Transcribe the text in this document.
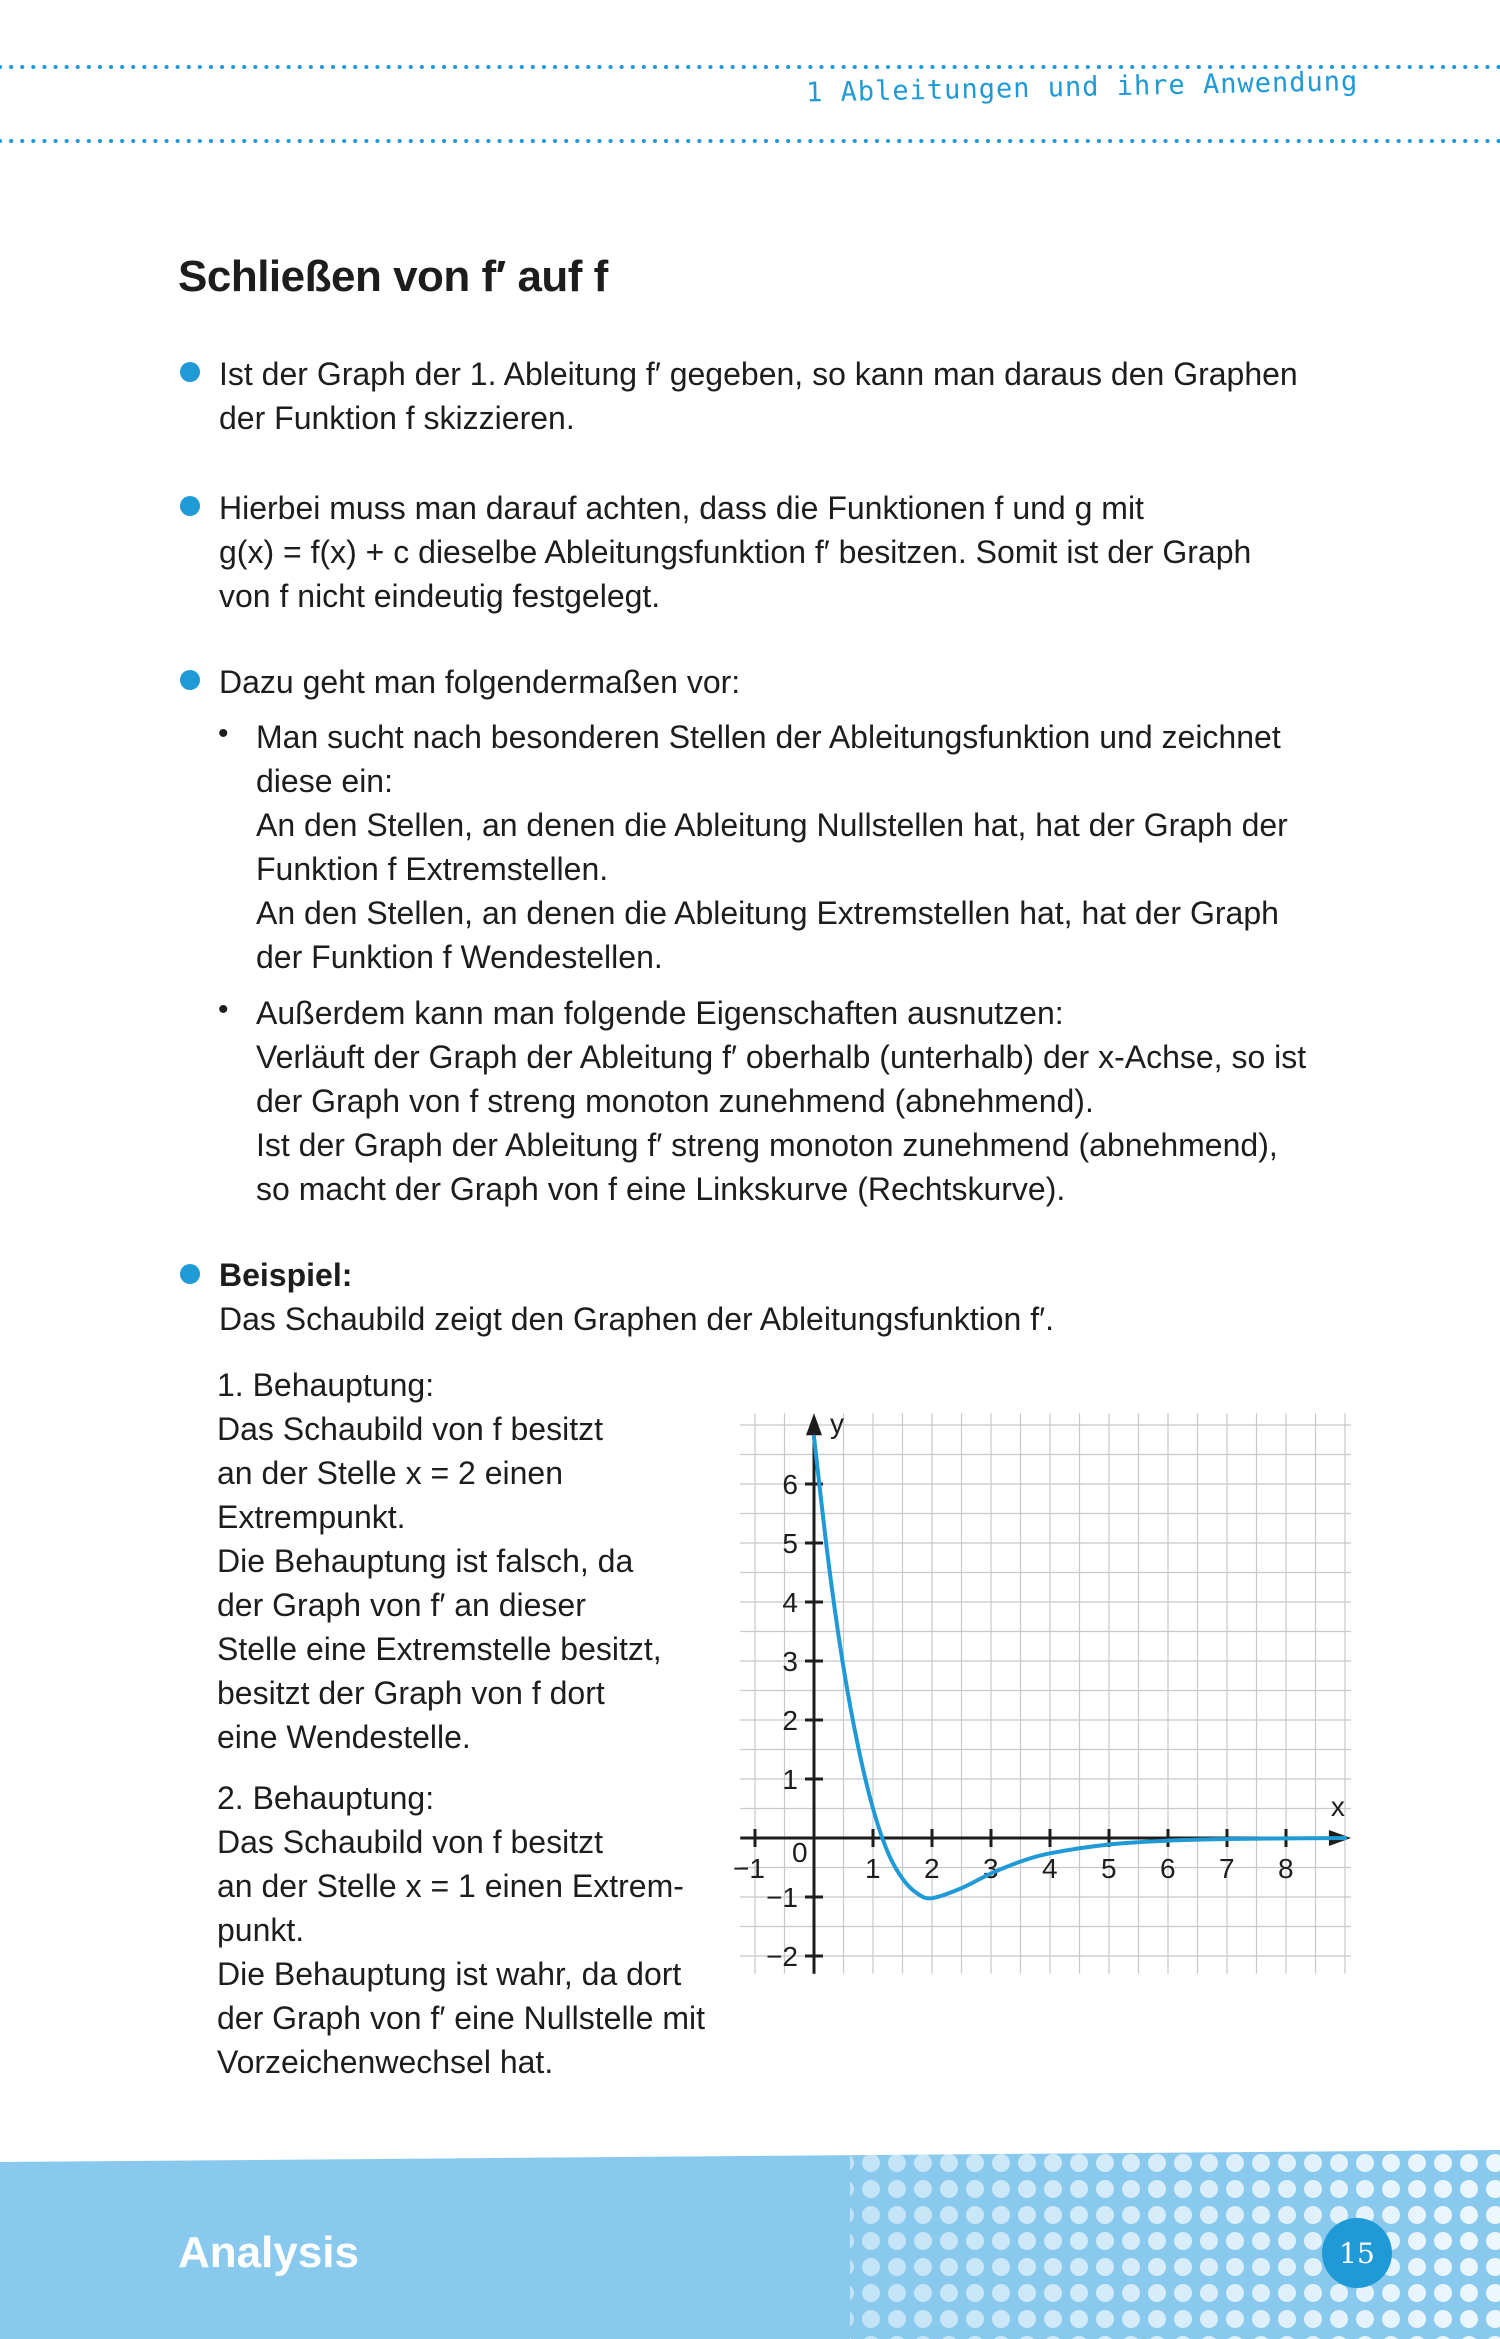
1 Ableitungen und ihre Anwendung
Schließen von f′ auf f

Ist der Graph der 1. Ableitung f′ gegeben, so kann man daraus den Graphen

der Funktion f skizzieren.

Hierbei muss man darauf achten, dass die Funktionen f und g mit

g(x) = f(x) + c dieselbe Ableitungsfunktion f′ besitzen. Somit ist der Graph

von f nicht eindeutig festgelegt.

Dazu geht man folgendermaßen vor:

• Man sucht nach besonderen Stellen der Ableitungsfunktion und zeichnet

diese ein:

An den Stellen, an denen die Ableitung Nullstellen hat, hat der Graph der

Funktion f Extremstellen.

An den Stellen, an denen die Ableitung Extremstellen hat, hat der Graph

der Funktion f Wendestellen.

• Außerdem kann man folgende Eigenschaften ausnutzen:

Verläuft der Graph der Ableitung f′ oberhalb (unterhalb) der x-Achse, so ist

der Graph von f streng monoton zunehmend (abnehmend).

Ist der Graph der Ableitung f′ streng monoton zunehmend (abnehmend),

so macht der Graph von f eine Linkskurve (Rechtskurve).

Beispiel:

Das Schaubild zeigt den Graphen der Ableitungsfunktion f′.

1. Behauptung:

Das Schaubild von f besitzt

an der Stelle x = 2 einen

Extrempunkt.

Die Behauptung ist falsch, da

der Graph von f′ an dieser

Stelle eine Extremstelle besitzt,

besitzt der Graph von f dort

eine Wendestelle.

2. Behauptung:

Das Schaubild von f besitzt

an der Stelle x = 1 einen Extrem-

punkt.

Die Behauptung ist wahr, da dort

der Graph von f′ eine Nullstelle mit

Vorzeichenwechsel hat.

−1
0
1 2 3 4 5 6 7 8
−2
−1
1
2
3
4
5
6
x
y
Analysis	15
